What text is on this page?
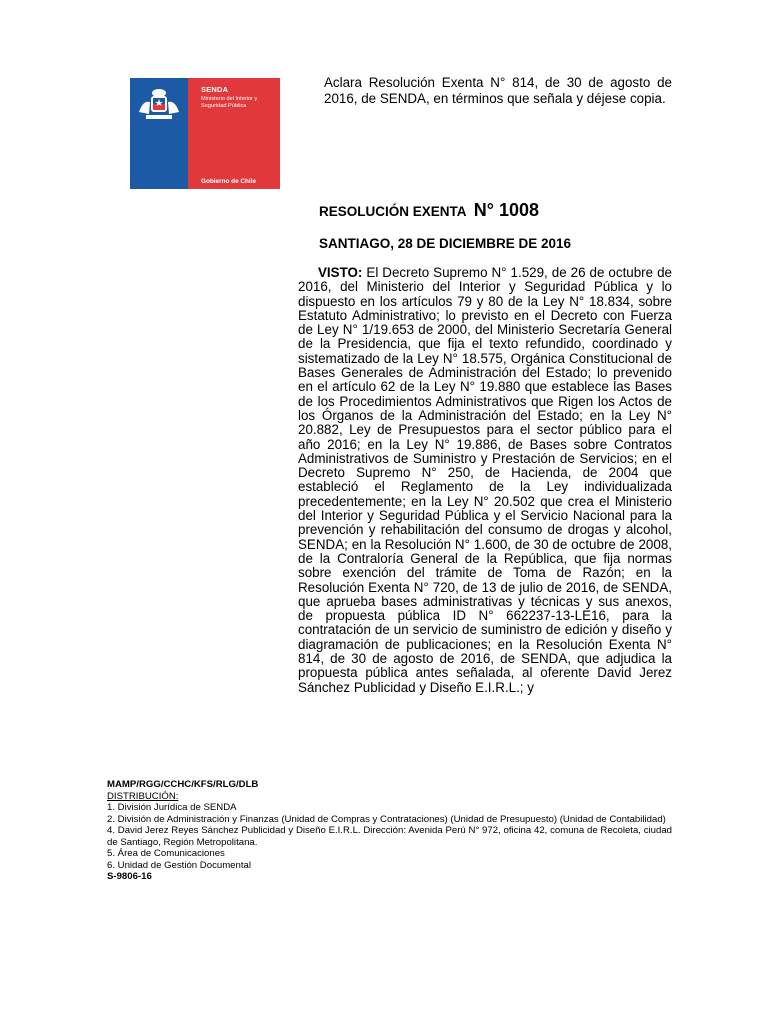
SENDA
Ministerio del Interior y Seguridad Pública
Gobierno de Chile
Aclara Resolución Exenta N° 814, de 30 de agosto de 2016, de SENDA, en términos que señala y déjese copia.
RESOLUCIÓN EXENTA N° 1008
SANTIAGO, 28 DE DICIEMBRE DE 2016
VISTO: El Decreto Supremo N° 1.529, de 26 de octubre de 2016, del Ministerio del Interior y Seguridad Pública y lo dispuesto en los artículos 79 y 80 de la Ley N° 18.834, sobre Estatuto Administrativo; lo previsto en el Decreto con Fuerza de Ley N° 1/19.653 de 2000, del Ministerio Secretaría General de la Presidencia, que fija el texto refundido, coordinado y sistematizado de la Ley N° 18.575, Orgánica Constitucional de Bases Generales de Administración del Estado; lo prevenido en el artículo 62 de la Ley N° 19.880 que establece las Bases de los Procedimientos Administrativos que Rigen los Actos de los Órganos de la Administración del Estado; en la Ley N° 20.882, Ley de Presupuestos para el sector público para el año 2016; en la Ley N° 19.886, de Bases sobre Contratos Administrativos de Suministro y Prestación de Servicios; en el Decreto Supremo N° 250, de Hacienda, de 2004 que estableció el Reglamento de la Ley individualizada precedentemente; en la Ley N° 20.502 que crea el Ministerio del Interior y Seguridad Pública y el Servicio Nacional para la prevención y rehabilitación del consumo de drogas y alcohol, SENDA; en la Resolución N° 1.600, de 30 de octubre de 2008, de la Contraloría General de la República, que fija normas sobre exención del trámite de Toma de Razón; en la Resolución Exenta N° 720, de 13 de julio de 2016, de SENDA, que aprueba bases administrativas y técnicas y sus anexos, de propuesta pública ID N° 662237-13-LE16, para la contratación de un servicio de suministro de edición y diseño y diagramación de publicaciones; en la Resolución Exenta N° 814, de 30 de agosto de 2016, de SENDA, que adjudica la propuesta pública antes señalada, al oferente David Jerez Sánchez Publicidad y Diseño E.I.R.L.; y
MAMP/RGG/CCHC/KFS/RLG/DLB
DISTRIBUCIÓN:
1. División Jurídica de SENDA
2. División de Administración y Finanzas (Unidad de Compras y Contrataciones) (Unidad de Presupuesto) (Unidad de Contabilidad)
4. David Jerez Reyes Sánchez Publicidad y Diseño E.I.R.L. Dirección: Avenida Perú N° 972, oficina 42, comuna de Recoleta, ciudad de Santiago, Región Metropolitana.
5. Área de Comunicaciones
6. Unidad de Gestión Documental
S-9806-16
